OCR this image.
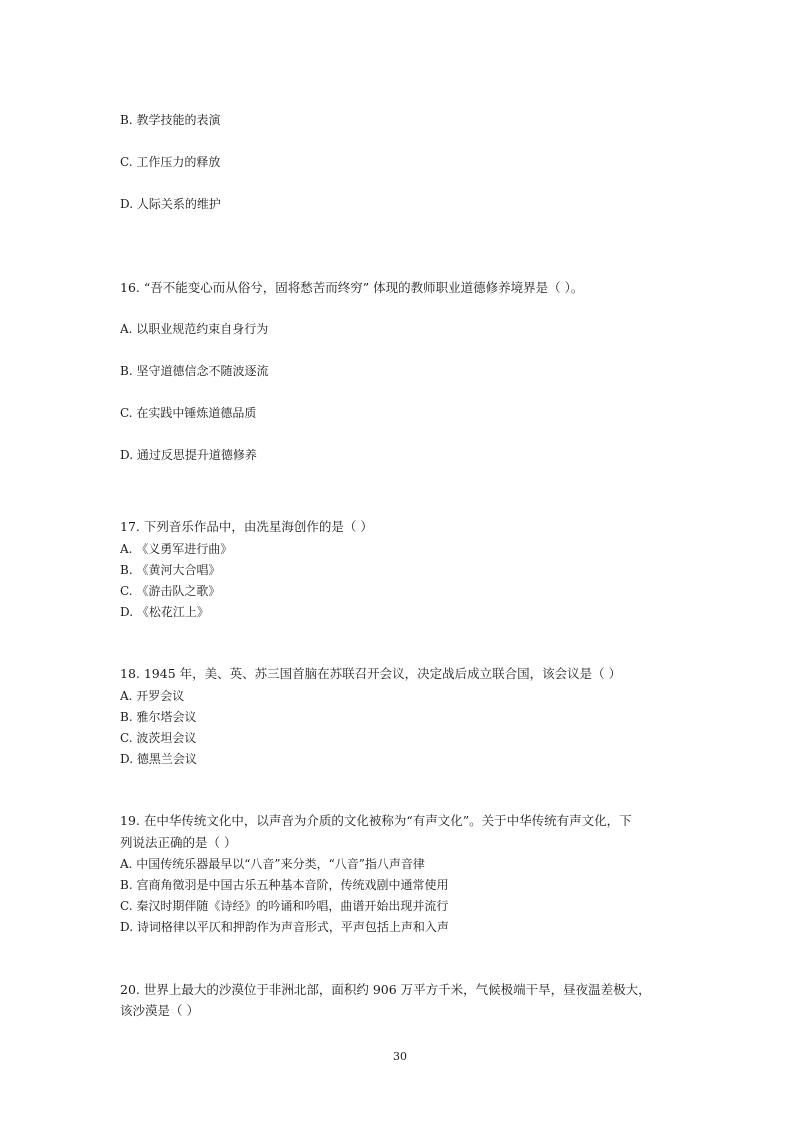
B. 教学技能的表演
C. 工作压力的释放
D. 人际关系的维护
16. “吾不能变心而从俗兮，固将愁苦而终穷” 体现的教师职业道德修养境界是（ ）。
A. 以职业规范约束自身行为
B. 坚守道德信念不随波逐流
C. 在实践中锤炼道德品质
D. 通过反思提升道德修养
17. 下列音乐作品中，由冼星海创作的是（ ）
A. 《义勇军进行曲》
B. 《黄河大合唱》
C. 《游击队之歌》
D. 《松花江上》
18. 1945 年，美、英、苏三国首脑在苏联召开会议，决定战后成立联合国，该会议是（ ）
A. 开罗会议
B. 雅尔塔会议
C. 波茨坦会议
D. 德黑兰会议
19. 在中华传统文化中，以声音为介质的文化被称为“有声文化”。关于中华传统有声文化，下
列说法正确的是（ ）
A. 中国传统乐器最早以“八音”来分类，“八音”指八声音律
B. 宫商角徵羽是中国古乐五种基本音阶，传统戏剧中通常使用
C. 秦汉时期伴随《诗经》的吟诵和吟唱，曲谱开始出现并流行
D. 诗词格律以平仄和押韵作为声音形式，平声包括上声和入声
20. 世界上最大的沙漠位于非洲北部，面积约 906 万平方千米，气候极端干旱，昼夜温差极大，
该沙漠是（ ）
30
